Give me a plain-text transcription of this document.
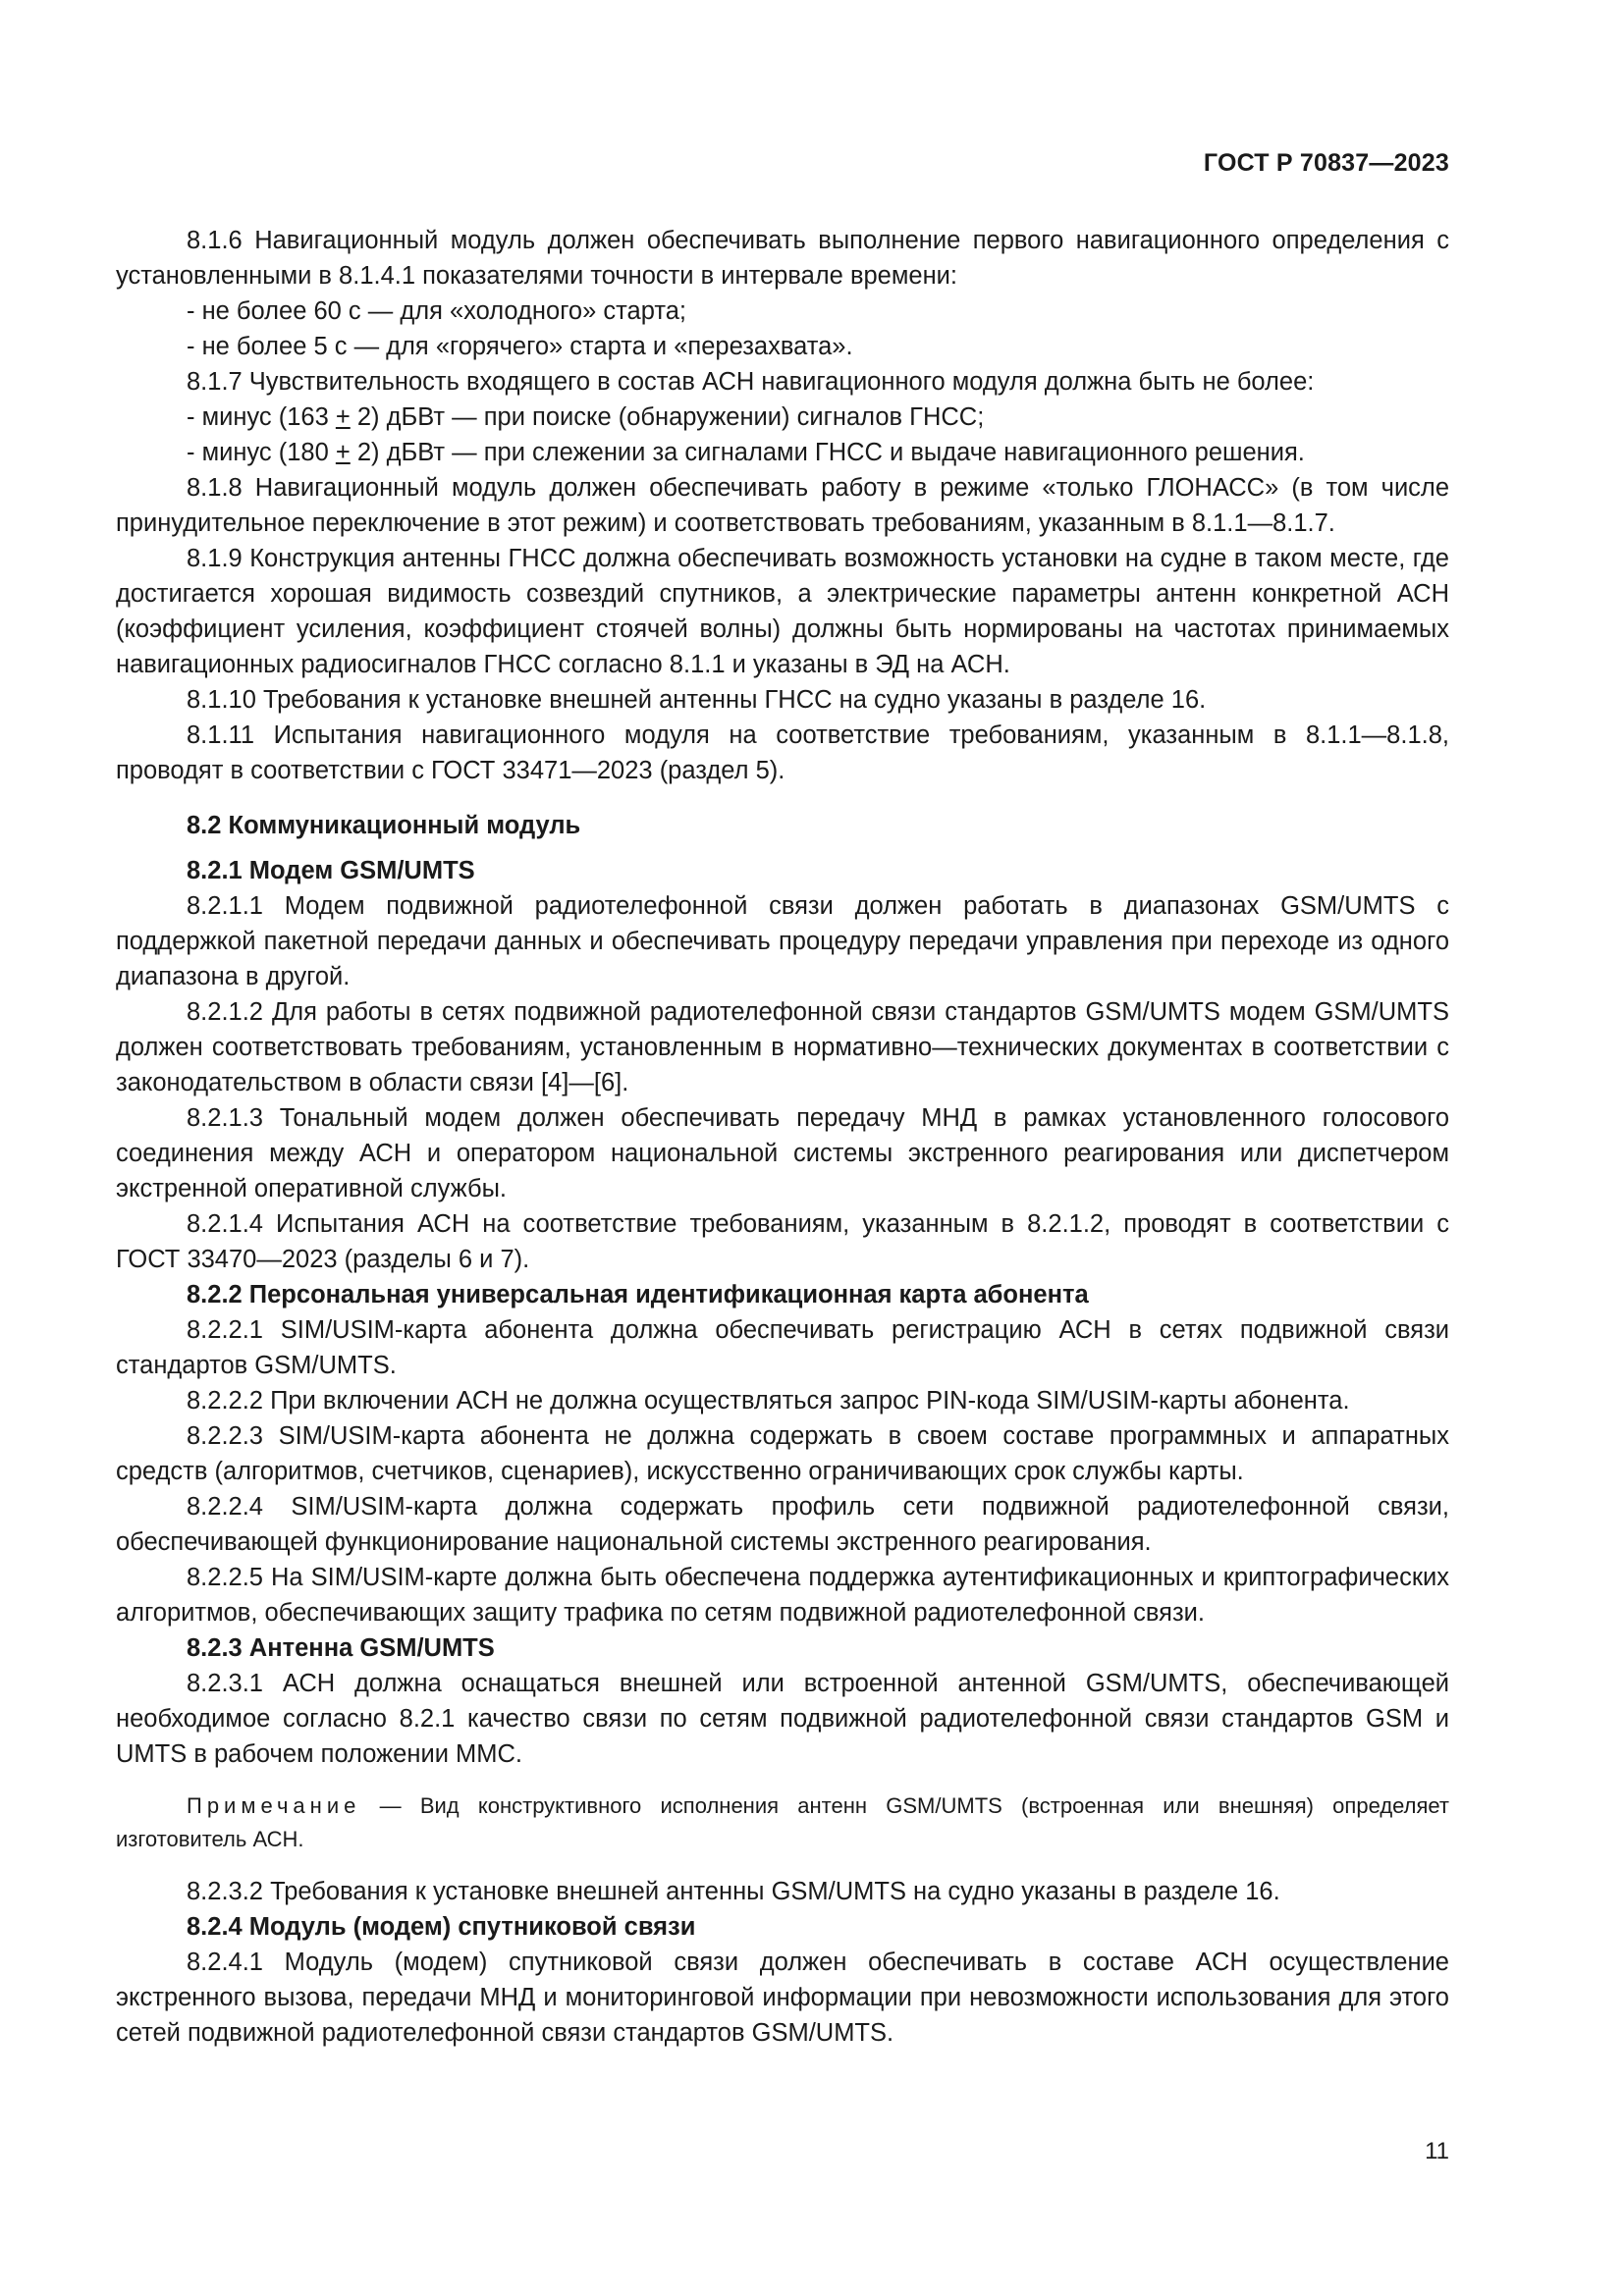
ГОСТ Р 70837—2023

8.1.6 Навигационный модуль должен обеспечивать выполнение первого навигационного определения с установленными в 8.1.4.1 показателями точности в интервале времени:

- не более 60 с — для «холодного» старта;

- не более 5 с — для «горячего» старта и «перезахвата».

8.1.7 Чувствительность входящего в состав АСН навигационного модуля должна быть не более:

- минус (163 + 2) дБВт — при поиске (обнаружении) сигналов ГНСС;

- минус (180 + 2) дБВт — при слежении за сигналами ГНСС и выдаче навигационного решения.

8.1.8 Навигационный модуль должен обеспечивать работу в режиме «только ГЛОНАСС» (в том числе принудительное переключение в этот режим) и соответствовать требованиям, указанным в 8.1.1—8.1.7.

8.1.9 Конструкция антенны ГНСС должна обеспечивать возможность установки на судне в таком месте, где достигается хорошая видимость созвездий спутников, а электрические параметры антенн конкретной АСН (коэффициент усиления, коэффициент стоячей волны) должны быть нормированы на частотах принимаемых навигационных радиосигналов ГНСС согласно 8.1.1 и указаны в ЭД на АСН.

8.1.10 Требования к установке внешней антенны ГНСС на судно указаны в разделе 16.

8.1.11 Испытания навигационного модуля на соответствие требованиям, указанным в 8.1.1—8.1.8, проводят в соответствии с ГОСТ 33471—2023 (раздел 5).

8.2 Коммуникационный модуль

8.2.1 Модем GSM/UMTS

8.2.1.1 Модем подвижной радиотелефонной связи должен работать в диапазонах GSM/UMTS с поддержкой пакетной передачи данных и обеспечивать процедуру передачи управления при переходе из одного диапазона в другой.

8.2.1.2 Для работы в сетях подвижной радиотелефонной связи стандартов GSM/UMTS модем GSM/UMTS должен соответствовать требованиям, установленным в нормативно—технических документах в соответствии с законодательством в области связи [4]—[6].

8.2.1.3 Тональный модем должен обеспечивать передачу МНД в рамках установленного голосового соединения между АСН и оператором национальной системы экстренного реагирования или диспетчером экстренной оперативной службы.

8.2.1.4 Испытания АСН на соответствие требованиям, указанным в 8.2.1.2, проводят в соответствии с ГОСТ 33470—2023 (разделы 6 и 7).

8.2.2 Персональная универсальная идентификационная карта абонента

8.2.2.1 SIM/USIM-карта абонента должна обеспечивать регистрацию АСН в сетях подвижной связи стандартов GSM/UMTS.

8.2.2.2 При включении АСН не должна осуществляться запрос PIN-кода SIM/USIM-карты абонента.

8.2.2.3 SIM/USIM-карта абонента не должна содержать в своем составе программных и аппаратных средств (алгоритмов, счетчиков, сценариев), искусственно ограничивающих срок службы карты.

8.2.2.4 SIM/USIM-карта должна содержать профиль сети подвижной радиотелефонной связи, обеспечивающей функционирование национальной системы экстренного реагирования.

8.2.2.5 На SIM/USIM-карте должна быть обеспечена поддержка аутентификационных и криптографических алгоритмов, обеспечивающих защиту трафика по сетям подвижной радиотелефонной связи.

8.2.3 Антенна GSM/UMTS

8.2.3.1 АСН должна оснащаться внешней или встроенной антенной GSM/UMTS, обеспечивающей необходимое согласно 8.2.1 качество связи по сетям подвижной радиотелефонной связи стандартов GSM и UMTS в рабочем положении ММС.

Примечание — Вид конструктивного исполнения антенн GSM/UMTS (встроенная или внешняя) определяет изготовитель АСН.

8.2.3.2 Требования к установке внешней антенны GSM/UMTS на судно указаны в разделе 16.

8.2.4 Модуль (модем) спутниковой связи

8.2.4.1 Модуль (модем) спутниковой связи должен обеспечивать в составе АСН осуществление экстренного вызова, передачи МНД и мониторинговой информации при невозможности использования для этого сетей подвижной радиотелефонной связи стандартов GSM/UMTS.

11
